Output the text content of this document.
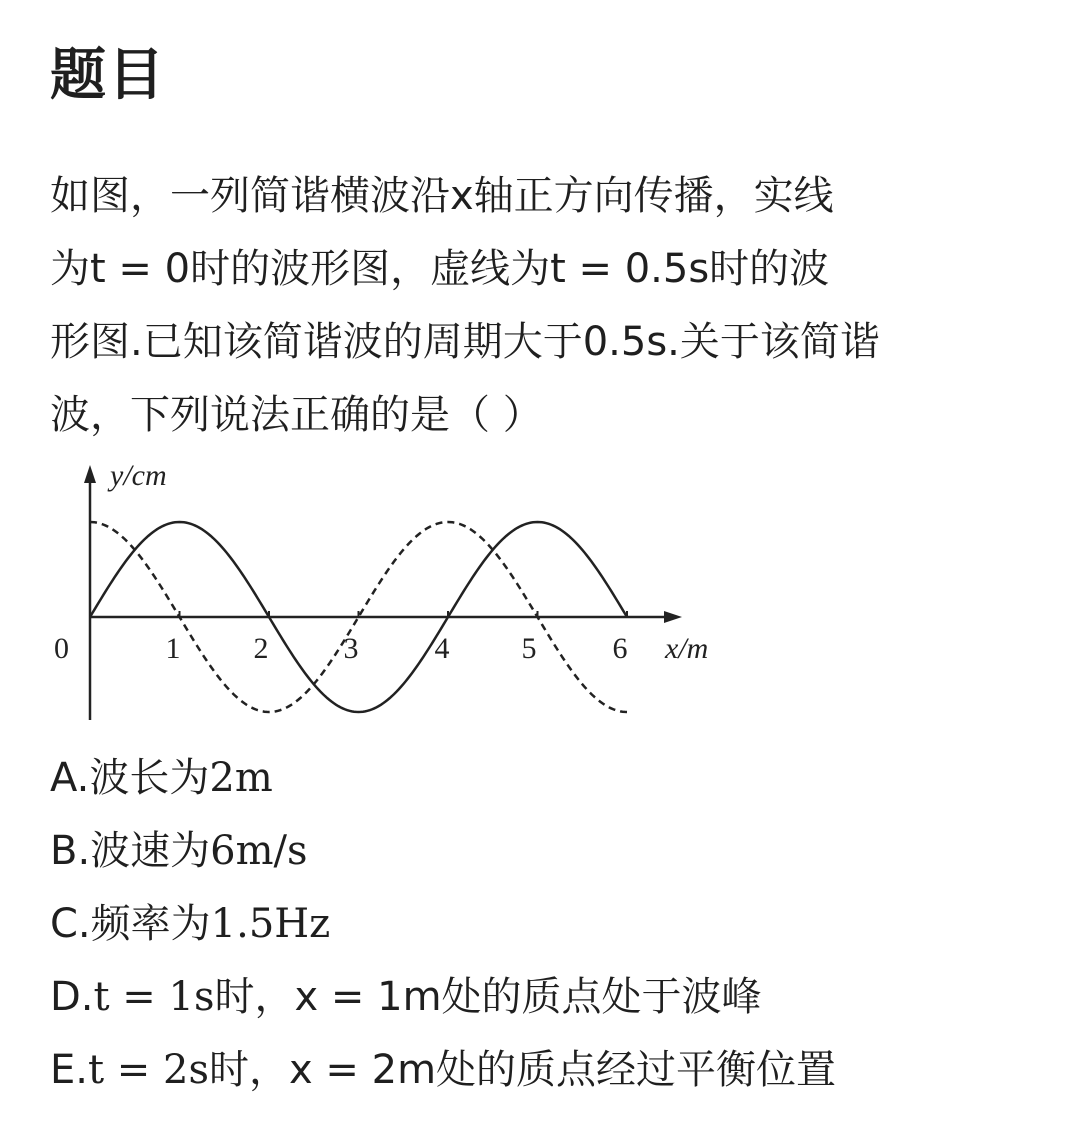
题目

如图，一列简谐横波沿x轴正方向传播，实线

为t = 0时的波形图，虚线为t = 0.5s时的波

形图.已知该简谐波的周期大于0.5s.关于该简谐

波，下列说法正确的是（ ）

y/cm
x/m
0	1 2	3	4 5	6
A.波长为2m
B.波速为6m/s
C.频率为1.5Hz
D.t = 1s时，x = 1m处的质点处于波峰
E.t = 2s时，x = 2m处的质点经过平衡位置
